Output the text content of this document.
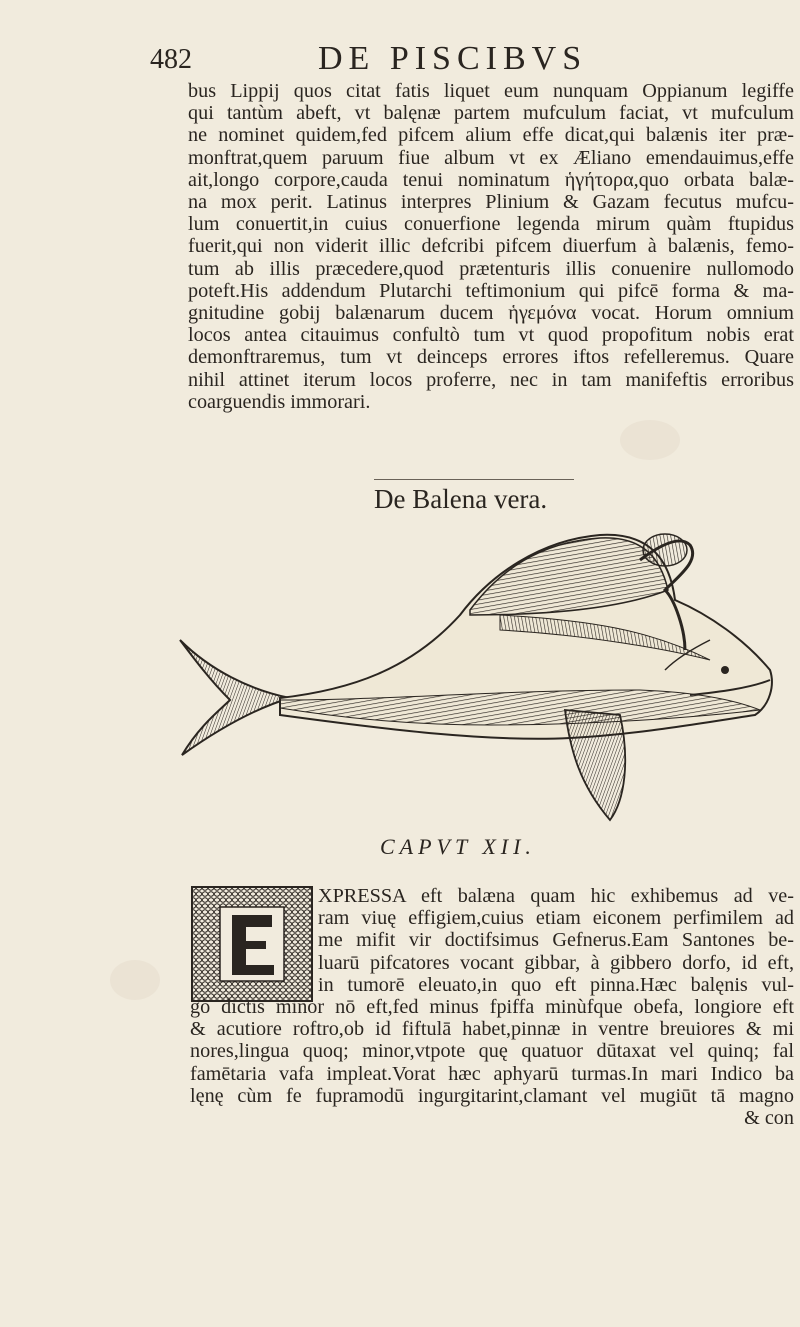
482	DE PISCIBVS
bus Lippij quos citat fatis liquet eum nunquam Oppianum legiffe
qui tantùm abeft, vt balęnæ partem mufculum faciat, vt mufculum
ne nominet quidem,fed pifcem alium effe dicat,qui balænis iter præ-
monftrat,quem paruum fiue album vt ex Æliano emendauimus,effe
ait,longo corpore,cauda tenui nominatum ἡγήτορα,quo orbata balæ-
na mox perit. Latinus interpres Plinium & Gazam fecutus mufcu-
lum conuertit,in cuius conuerfione legenda mirum quàm ftupidus
fuerit,qui non viderit illic defcribi pifcem diuerfum à balænis, femo-
tum ab illis præcedere,quod prætenturis illis conuenire nullomodo
poteft.His addendum Plutarchi teftimonium qui pifcē forma & ma-
gnitudine gobij balænarum ducem ἡγεμόνα vocat. Horum omnium
locos antea citauimus confultò tum vt quod propofitum nobis erat
demonftraremus, tum vt deinceps errores iftos refelleremus. Quare
nihil attinet iterum locos proferre, nec in tam manifeftis erroribus
coarguendis immorari.
De Balena vera.
CAPVT XII.
XPRESSA eft balæna quam hic exhibemus ad ve-
ram viuę effigiem,cuius etiam eiconem perfimilem ad
me mifit vir doctifsimus Gefnerus.Eam Santones be-
luarū pifcatores vocant gibbar, à gibbero dorfo, id eft,
in tumorē eleuato,in quo eft pinna.Hæc balęnis vul-
gò dictis minor nō eft,fed minus fpiffa minùfque obefa, longiore eft
& acutiore roftro,ob id fiftulā habet,pinnæ in ventre breuiores & mi
nores,lingua quoq; minor,vtpote quę quatuor dūtaxat vel quinq; fal
famētaria vafa impleat.Vorat hæc aphyarū turmas.In mari Indico ba
lęnę cùm fe fupramodū ingurgitarint,clamant vel mugiūt tā magno
& con
